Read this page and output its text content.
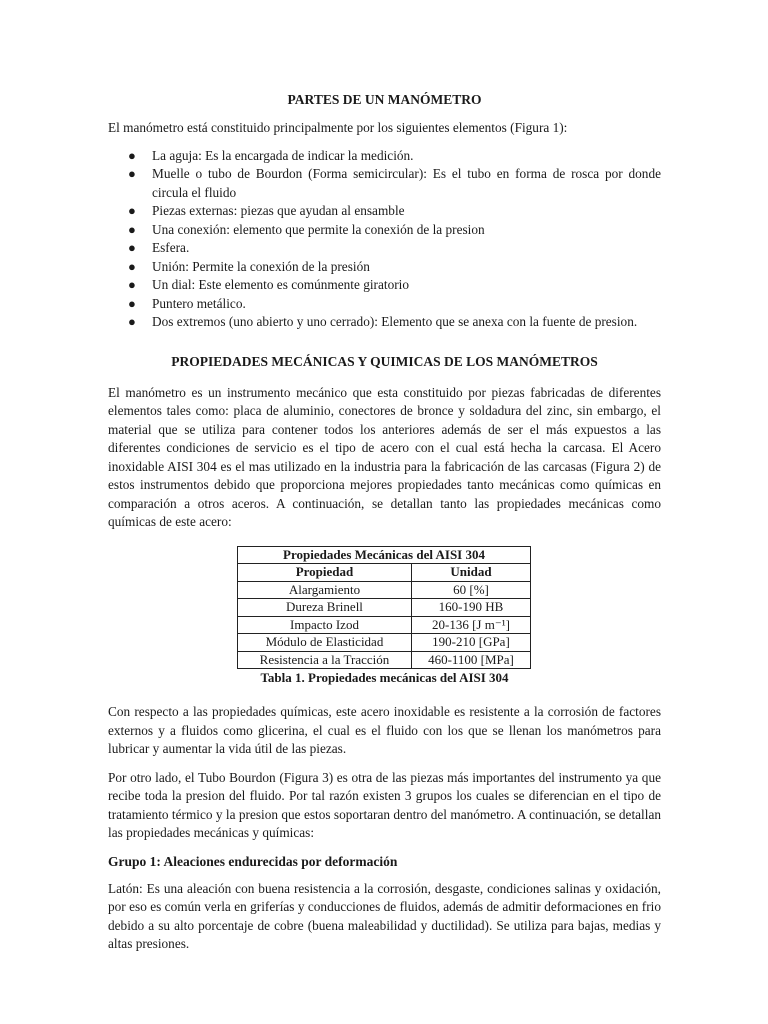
PARTES DE UN MANÓMETRO

El manómetro está constituido principalmente por los siguientes elementos (Figura 1):

● La aguja: Es la encargada de indicar la medición.
● Muelle o tubo de Bourdon (Forma semicircular): Es el tubo en forma de rosca por donde circula el fluido
● Piezas externas: piezas que ayudan al ensamble
● Una conexión: elemento que permite la conexión de la presion
● Esfera.
● Unión: Permite la conexión de la presión
● Un dial: Este elemento es comúnmente giratorio
● Puntero metálico.
● Dos extremos (uno abierto y uno cerrado): Elemento que se anexa con la fuente de presion.
PROPIEDADES MECÁNICAS Y QUIMICAS DE LOS MANÓMETROS

El manómetro es un instrumento mecánico que esta constituido por piezas fabricadas de diferentes elementos tales como: placa de aluminio, conectores de bronce y soldadura del zinc, sin embargo, el material que se utiliza para contener todos los anteriores además de ser el más expuestos a las diferentes condiciones de servicio es el tipo de acero con el cual está hecha la carcasa. El Acero inoxidable AISI 304 es el mas utilizado en la industria para la fabricación de las carcasas (Figura 2) de estos instrumentos debido que proporciona mejores propiedades tanto mecánicas como químicas en comparación a otros aceros. A continuación, se detallan tanto las propiedades mecánicas como químicas de este acero:

Propiedades Mecánicas del AISI 304	
Propiedad	Unidad
Alargamiento	60 [%]
Dureza Brinell	160-190 HB
Impacto Izod	20-136 [J m⁻¹]
Módulo de Elasticidad	190-210 [GPa]
Resistencia a la Tracción	460-1100 [MPa]
Tabla 1. Propiedades mecánicas del AISI 304

Con respecto a las propiedades químicas, este acero inoxidable es resistente a la corrosión de factores externos y a fluidos como glicerina, el cual es el fluido con los que se llenan los manómetros para lubricar y aumentar la vida útil de las piezas.

Por otro lado, el Tubo Bourdon (Figura 3) es otra de las piezas más importantes del instrumento ya que recibe toda la presion del fluido. Por tal razón existen 3 grupos los cuales se diferencian en el tipo de tratamiento térmico y la presion que estos soportaran dentro del manómetro. A continuación, se detallan las propiedades mecánicas y químicas:

Grupo 1: Aleaciones endurecidas por deformación

Latón: Es una aleación con buena resistencia a la corrosión, desgaste, condiciones salinas y oxidación, por eso es común verla en griferías y conducciones de fluidos, además de admitir deformaciones en frio debido a su alto porcentaje de cobre (buena maleabilidad y ductilidad). Se utiliza para bajas, medias y altas presiones.
